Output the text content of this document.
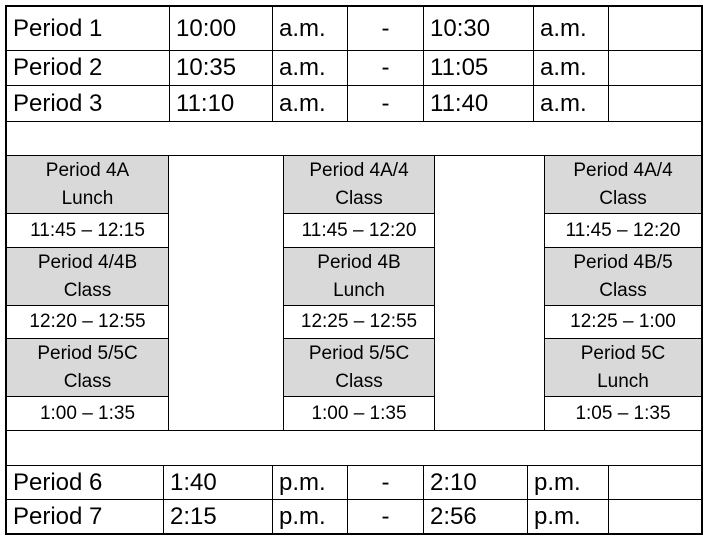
Period 1	10:00	a.m.	-	10:30	a.m.
Period 2	10:35	a.m.	-	11:05	a.m.
Period 3	11:10	a.m.	-	11:40	a.m.
Period 4A
Lunch
11:45 – 12:15
Period 4/4B
Class
12:20 – 12:55
Period 5/5C
Class
1:00 – 1:35
Period 4A/4
Class
11:45 – 12:20
Period 4B
Lunch
12:25 – 12:55
Period 5/5C
Class
1:00 – 1:35
Period 4A/4
Class
11:45 – 12:20
Period 4B/5
Class
12:25 – 1:00
Period 5C
Lunch
1:05 – 1:35
Period 6	1:40	p.m.	-	2:10	p.m.
Period 7	2:15	p.m.	-	2:56	p.m.
